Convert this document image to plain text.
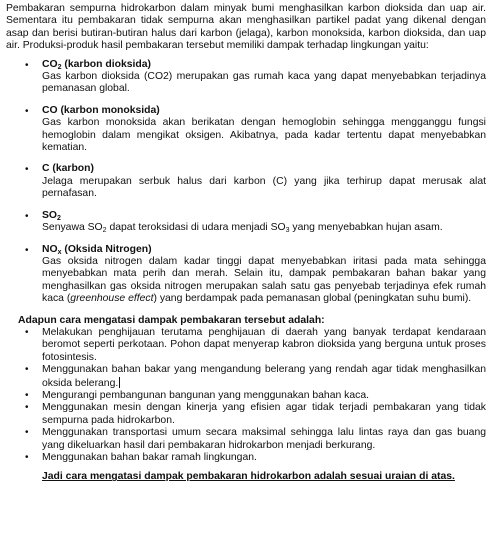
Pembakaran sempurna hidrokarbon dalam minyak bumi menghasilkan karbon dioksida dan uap air. Sementara itu pembakaran tidak sempurna akan menghasilkan partikel padat yang dikenal dengan asap dan berisi butiran-butiran halus dari karbon (jelaga), karbon monoksida, karbon dioksida, dan uap air. Produksi-produk hasil pembakaran tersebut memiliki dampak terhadap lingkungan yaitu:

• $CO_2$ (karbon dioksida)
Gas karbon dioksida (CO2) merupakan gas rumah kaca yang dapat menyebabkan terjadinya pemanasan global.
• CO (karbon monoksida)
Gas karbon monoksida akan berikatan dengan hemoglobin sehingga mengganggu fungsi hemoglobin dalam mengikat oksigen. Akibatnya, pada kadar tertentu dapat menyebabkan kematian.
• C (karbon)
Jelaga merupakan serbuk halus dari karbon (C) yang jika terhirup dapat merusak alat pernafasan.
• $SO_2$
Senyawa $SO_2$ dapat teroksidasi di udara menjadi $SO_3$ yang menyebabkan hujan asam.
• $NO_x$ (Oksida Nitrogen)
Gas oksida nitrogen dalam kadar tinggi dapat menyebabkan iritasi pada mata sehingga menyebabkan mata perih dan merah. Selain itu, dampak pembakaran bahan bakar yang menghasilkan gas oksida nitrogen merupakan salah satu gas penyebab terjadinya efek rumah kaca (greenhouse effect) yang berdampak pada pemanasan global (peningkatan suhu bumi).
Adapun cara mengatasi dampak pembakaran tersebut adalah:
• Melakukan penghijauan terutama penghijauan di daerah yang banyak terdapat kendaraan beromot seperti perkotaan. Pohon dapat menyerap kabron dioksida yang berguna untuk proses fotosintesis.
• Menggunakan bahan bakar yang mengandung belerang yang rendah agar tidak menghasilkan oksida belerang.
• Mengurangi pembangunan bangunan yang menggunakan bahan kaca.
• Menggunakan mesin dengan kinerja yang efisien agar tidak terjadi pembakaran yang tidak sempurna pada hidrokarbon.
• Menggunakan transportasi umum secara maksimal sehingga lalu lintas raya dan gas buang yang dikeluarkan hasil dari pembakaran hidrokarbon menjadi berkurang.
• Menggunakan bahan bakar ramah lingkungan.
Jadi cara mengatasi dampak pembakaran hidrokarbon adalah sesuai uraian di atas.
